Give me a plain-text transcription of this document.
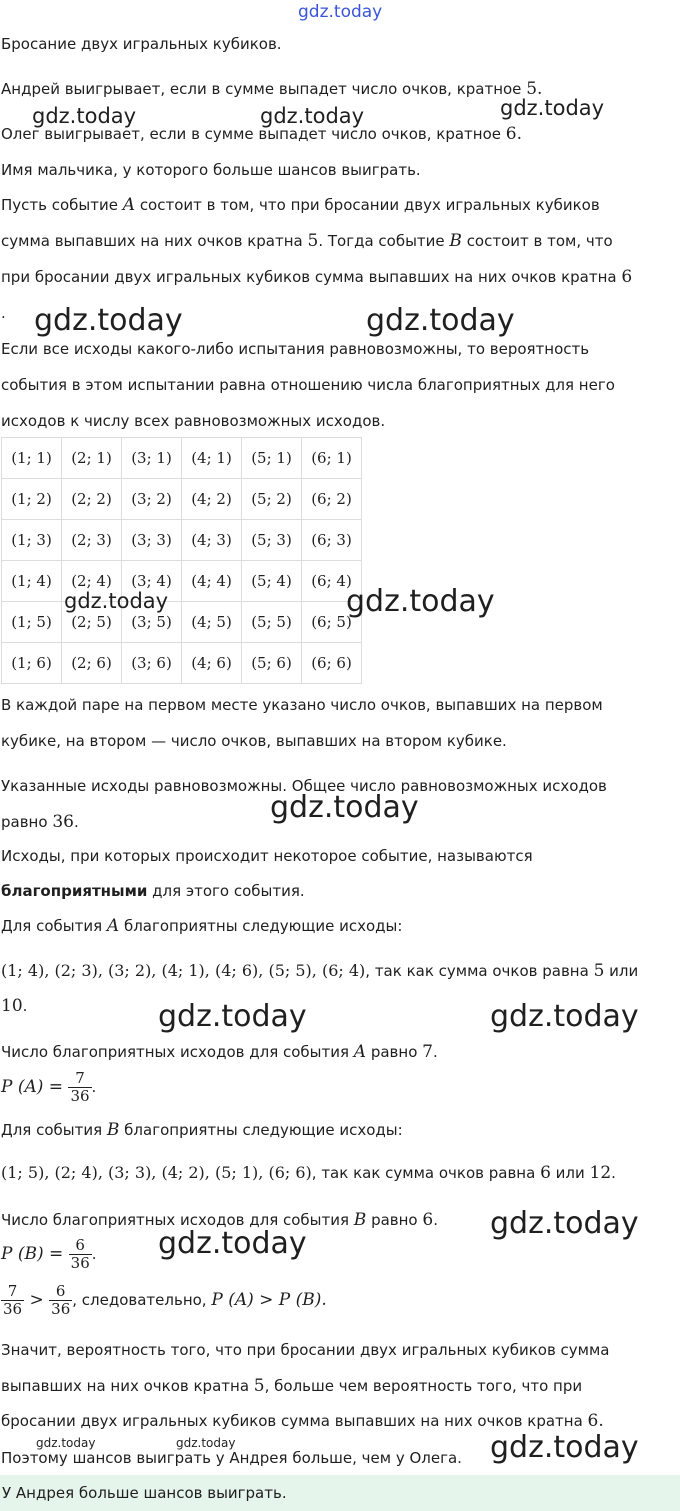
gdz.today
Бросание двух игральных кубиков.
Андрей выигрывает, если в сумме выпадет число очков, кратное 5.
gdz.today	gdz.today	gdz.today
Олег выигрывает, если в сумме выпадет число очков, кратное 6.
Имя мальчика, у которого больше шансов выиграть.
Пусть событие A состоит в том, что при бросании двух игральных кубиков
сумма выпавших на них очков кратна 5. Тогда событие B состоит в том, что
при бросании двух игральных кубиков сумма выпавших на них очков кратна 6
. gdz.today	gdz.today
Если все исходы какого-либо испытания равновозможны, то вероятность
события в этом испытании равна отношению числа благоприятных для него
исходов к числу всех равновозможных исходов.
(1; 1)	(2; 1)	(3; 1)	(4; 1)	(5; 1)	(6; 1)
(1; 2)	(2; 2)	(3; 2)	(4; 2)	(5; 2)	(6; 2)
(1; 3)	(2; 3)	(3; 3)	(4; 3)	(5; 3)	(6; 3)
(1; 4)	(2; 4)	(3; 4)	(4; 4)	(5; 4)	(6; 4)
(1; 5)	(2; 5)	(3; 5)	(4; 5)	(5; 5)	(6; 5)
(1; 6)	(2; 6)	(3; 6)	(4; 6)	(5; 6)	(6; 6)
gdz.today	gdz.today
В каждой паре на первом месте указано число очков, выпавших на первом
кубике, на втором — число очков, выпавших на втором кубике.
Указанные исходы равновозможны. Общее число равновозможных исходов
равно 36.	gdz.today
Исходы, при которых происходит некоторое событие, называются
благоприятными для этого события.
Для события A благоприятны следующие исходы:
(1; 4), (2; 3), (3; 2), (4; 1), (4; 6), (5; 5), (6; 4), так как сумма очков равна 5 или
10.	gdz.today	gdz.today
Число благоприятных исходов для события A равно 7.
P $(A) = \frac{7}{36}$ .
Для события B благоприятны следующие исходы:
(1; 5), (2; 4), (3; 3), (4; 2), (5; 1), (6; 6), так как сумма очков равна 6 или 12.
Число благоприятных исходов для события B равно 6.	gdz.today
gdz.today
P $(B) = \frac{6}{36}$ .
$\frac{7}{36} > \frac{6}{36}$ , следовательно, P (A) > P (B).
Значит, вероятность того, что при бросании двух игральных кубиков сумма
выпавших на них очков кратна 5, больше чем вероятность того, что при
бросании двух игральных кубиков сумма выпавших на них очков кратна 6.
gdz.today	gdz.today
Поэтому шансов выиграть у Андрея больше, чем у Олега. gdz.today
У Андрея больше шансов выиграть.
